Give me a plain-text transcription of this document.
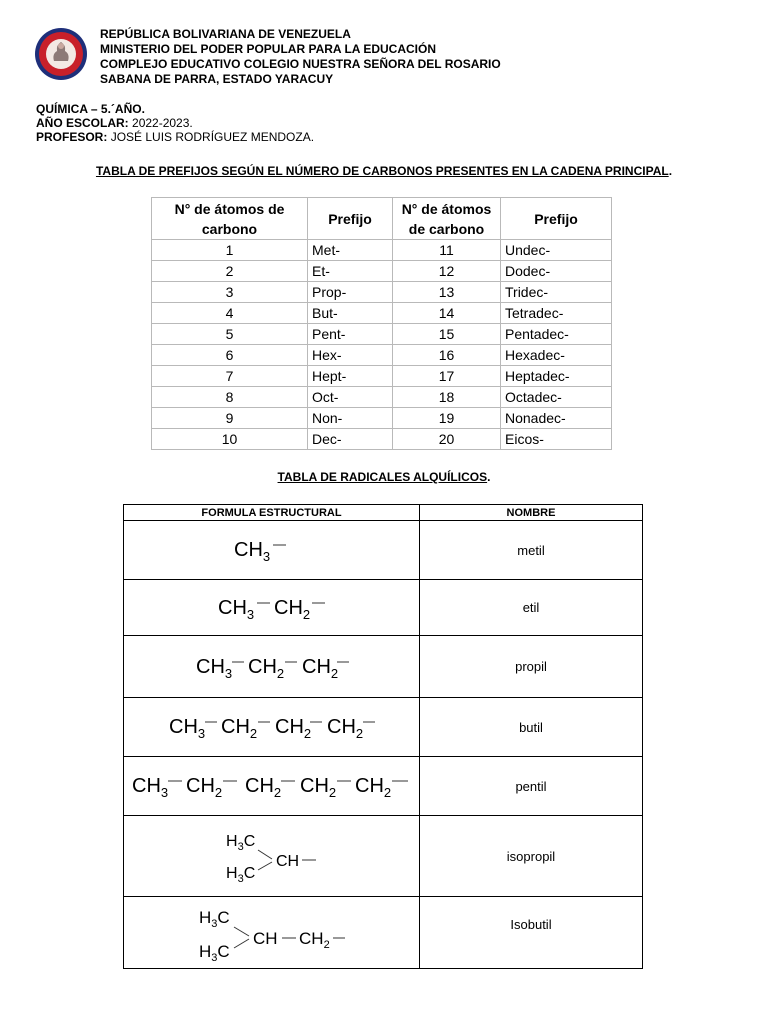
REPÚBLICA BOLIVARIANA DE VENEZUELA
MINISTERIO DEL PODER POPULAR PARA LA EDUCACIÓN
COMPLEJO EDUCATIVO COLEGIO NUESTRA SEÑORA DEL ROSARIO
SABANA DE PARRA, ESTADO YARACUY
QUÍMICA – 5.´AÑO.
AÑO ESCOLAR: 2022-2023.
PROFESOR: JOSÉ LUIS RODRÍGUEZ MENDOZA.
TABLA DE PREFIJOS SEGÚN EL NÚMERO DE CARBONOS PRESENTES EN LA CADENA PRINCIPAL.
N° de átomos de carbono	Prefijo	N° de átomos de carbono	Prefijo
1	Met-	11	Undec-
2	Et-	12	Dodec-
3	Prop-	13	Tridec-
4	But-	14	Tetradec-
5	Pent-	15	Pentadec-
6	Hex-	16	Hexadec-
7	Hept-	17	Heptadec-
8	Oct-	18	Octadec-
9	Non-	19	Nonadec-
10	Dec-	20	Eicos-
TABLA DE RADICALES ALQUÍLICOS.
FORMULA ESTRUCTURAL	NOMBRE

$CH_3$	metil

$CH_3$ $CH_2$	etil

$CH_3$ $CH_2$ $CH_2$	propil

$CH_3$ $CH_2$ $CH_2$ $CH_2$	butil

$CH_3$ $CH_2$ $CH_2$ $CH_2$ $CH_2$	pentil

$H_3C$
$H_3C$
CH	isopropil

$H_3C$
$H_3C$
CH $CH_2$	Isobutil
